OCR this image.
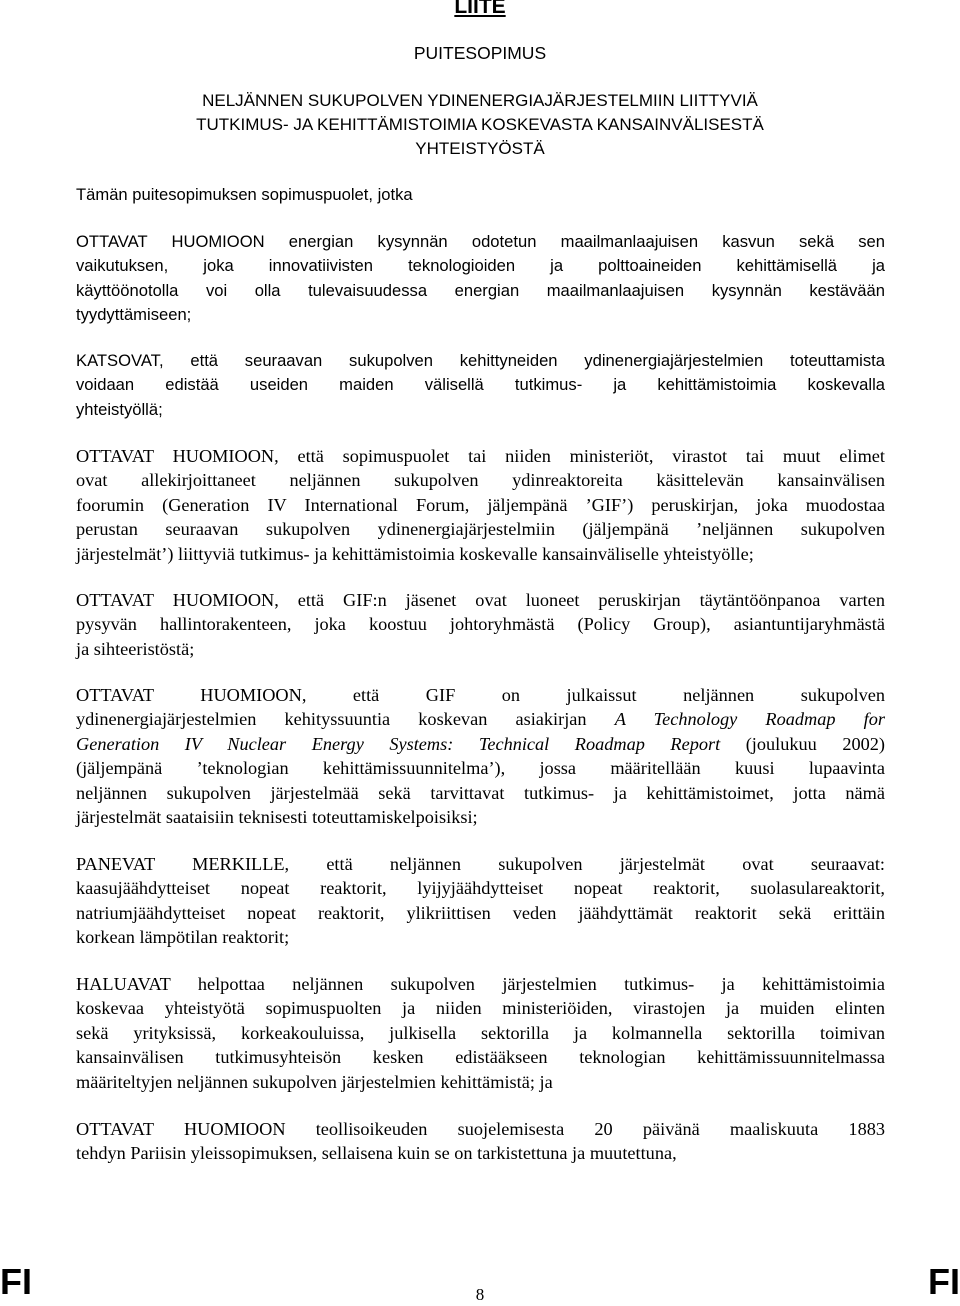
LIITE
PUITESOPIMUS
NELJÄNNEN SUKUPOLVEN YDINENERGIAJÄRJESTELMIIN LIITTYVIÄ
TUTKIMUS- JA KEHITTÄMISTOIMIA KOSKEVASTA KANSAINVÄLISESTÄ
YHTEISTYÖSTÄ
Tämän puitesopimuksen sopimuspuolet, jotka
OTTAVAT HUOMIOON energian kysynnän odotetun maailmanlaajuisen kasvun sekä sen
vaikutuksen, joka innovatiivisten teknologioiden ja polttoaineiden kehittämisellä ja
käyttöönotolla voi olla tulevaisuudessa energian maailmanlaajuisen kysynnän kestävään
tyydyttämiseen;
KATSOVAT, että seuraavan sukupolven kehittyneiden ydinenergiajärjestelmien toteuttamista
voidaan edistää useiden maiden välisellä tutkimus- ja kehittämistoimia koskevalla
yhteistyöllä;
OTTAVAT HUOMIOON, että sopimuspuolet tai niiden ministeriöt, virastot tai muut elimet
ovat allekirjoittaneet neljännen sukupolven ydinreaktoreita käsittelevän kansainvälisen
foorumin (Generation IV International Forum, jäljempänä ’GIF’) peruskirjan, joka muodostaa
perustan seuraavan sukupolven ydinenergiajärjestelmiin (jäljempänä ’neljännen sukupolven
järjestelmät’) liittyviä tutkimus- ja kehittämistoimia koskevalle kansainväliselle yhteistyölle;
OTTAVAT HUOMIOON, että GIF:n jäsenet ovat luoneet peruskirjan täytäntöönpanoa varten
pysyvän hallintorakenteen, joka koostuu johtoryhmästä (Policy Group), asiantuntijaryhmästä
ja sihteeristöstä;
OTTAVAT HUOMIOON, että GIF on julkaissut neljännen sukupolven
ydinenergiajärjestelmien kehityssuuntia koskevan asiakirjan A Technology Roadmap for
Generation IV Nuclear Energy Systems: Technical Roadmap Report (joulukuu 2002)
(jäljempänä ’teknologian kehittämissuunnitelma’), jossa määritellään kuusi lupaavinta
neljännen sukupolven järjestelmää sekä tarvittavat tutkimus- ja kehittämistoimet, jotta nämä
järjestelmät saataisiin teknisesti toteuttamiskelpoisiksi;
PANEVAT MERKILLE, että neljännen sukupolven järjestelmät ovat seuraavat:
kaasujäähdytteiset nopeat reaktorit, lyijyjäähdytteiset nopeat reaktorit, suolasulareaktorit,
natriumjäähdytteiset nopeat reaktorit, ylikriittisen veden jäähdyttämät reaktorit sekä erittäin
korkean lämpötilan reaktorit;
HALUAVAT helpottaa neljännen sukupolven järjestelmien tutkimus- ja kehittämistoimia
koskevaa yhteistyötä sopimuspuolten ja niiden ministeriöiden, virastojen ja muiden elinten
sekä yrityksissä, korkeakouluissa, julkisella sektorilla ja kolmannella sektorilla toimivan
kansainvälisen tutkimusyhteisön kesken edistääkseen teknologian kehittämissuunnitelmassa
määriteltyjen neljännen sukupolven järjestelmien kehittämistä; ja
OTTAVAT HUOMIOON teollisoikeuden suojelemisesta 20 päivänä maaliskuuta 1883
tehdyn Pariisin yleissopimuksen, sellaisena kuin se on tarkistettuna ja muutettuna,
FI	8	FI
